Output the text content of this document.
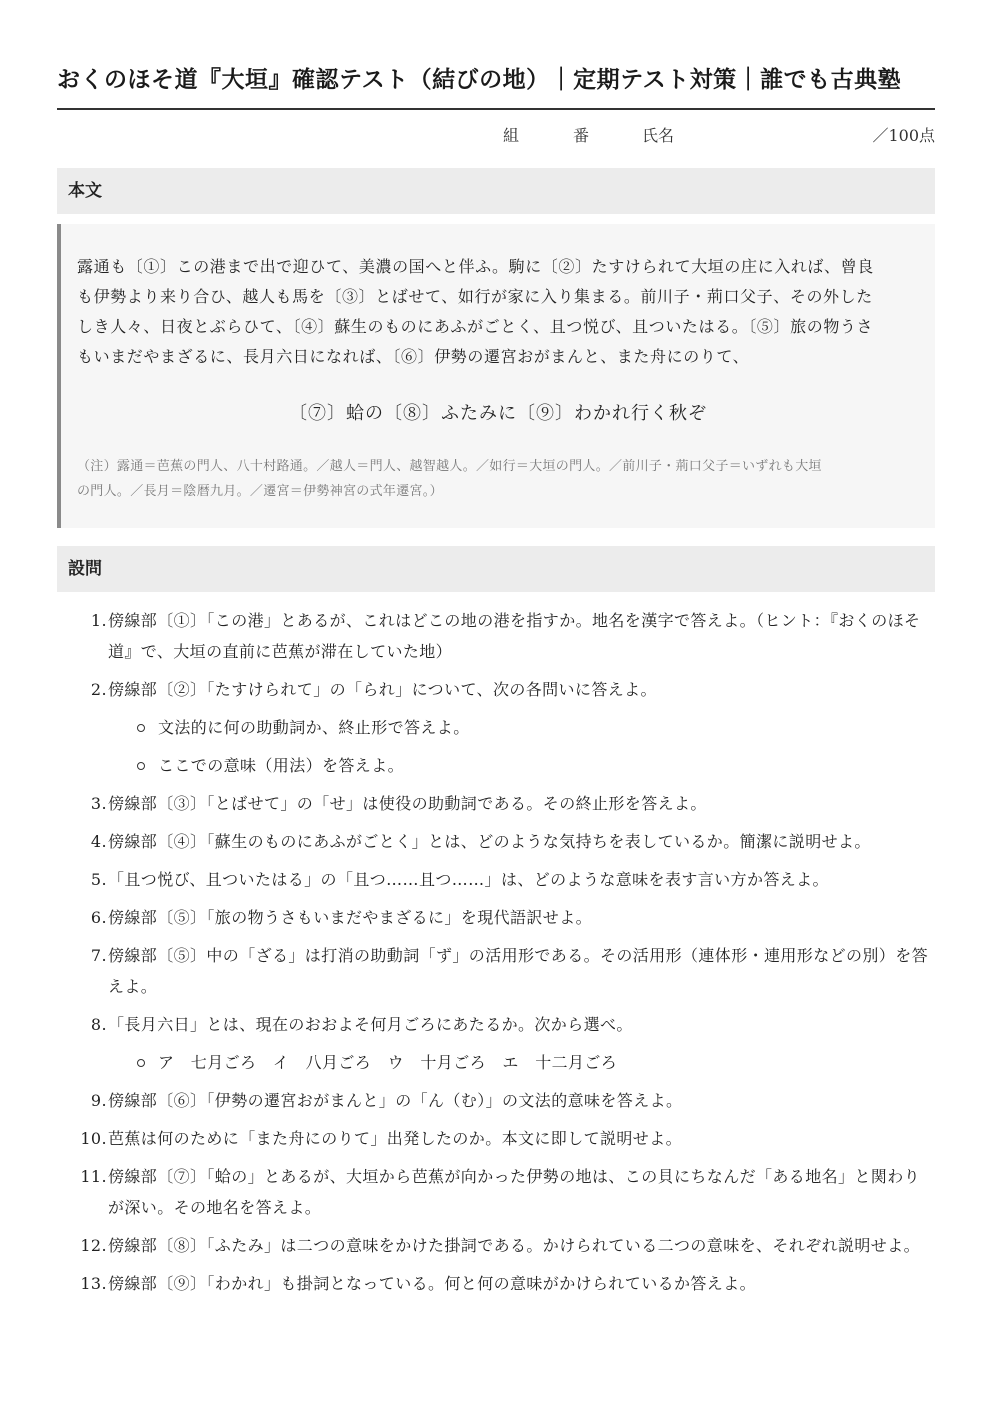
おくのほそ道『大垣』確認テスト（結びの地）｜定期テスト対策｜誰でも古典塾
組	番	氏名	／100点
本文
露通も〔①〕この港まで出で迎ひて、美濃の国へと伴ふ。駒に〔②〕たすけられて大垣の庄に入れば、曾良
も伊勢より来り合ひ、越人も馬を〔③〕とばせて、如行が家に入り集まる。前川子・荊口父子、その外した
しき人々、日夜とぶらひて、〔④〕蘇生のものにあふがごとく、且つ悦び、且ついたはる。〔⑤〕旅の物うさ
もいまだやまざるに、長月六日になれば、〔⑥〕伊勢の遷宮おがまんと、また舟にのりて、
〔⑦〕蛤の〔⑧〕ふたみに〔⑨〕わかれ行く秋ぞ
（注）露通＝芭蕉の門人、八十村路通。／越人＝門人、越智越人。／如行＝大垣の門人。／前川子・荊口父子＝いずれも大垣
の門人。／長月＝陰暦九月。／遷宮＝伊勢神宮の式年遷宮。）
設問
1. 傍線部〔①〕「この港」とあるが、これはどこの地の港を指すか。地名を漢字で答えよ。（ヒント：『おくのほそ道』で、大垣の直前に芭蕉が滞在していた地）
2. 傍線部〔②〕「たすけられて」の「られ」について、次の各問いに答えよ。
文法的に何の助動詞か、終止形で答えよ。
ここでの意味（用法）を答えよ。
3. 傍線部〔③〕「とばせて」の「せ」は使役の助動詞である。その終止形を答えよ。
4. 傍線部〔④〕「蘇生のものにあふがごとく」とは、どのような気持ちを表しているか。簡潔に説明せよ。
5. 「且つ悦び、且ついたはる」の「且つ……且つ……」は、どのような意味を表す言い方か答えよ。
6. 傍線部〔⑤〕「旅の物うさもいまだやまざるに」を現代語訳せよ。
7. 傍線部〔⑤〕中の「ざる」は打消の助動詞「ず」の活用形である。その活用形（連体形・連用形などの別）を答えよ。
8. 「長月六日」とは、現在のおおよそ何月ごろにあたるか。次から選べ。
ア　七月ごろ　イ　八月ごろ　ウ　十月ごろ　エ　十二月ごろ
9. 傍線部〔⑥〕「伊勢の遷宮おがまんと」の「ん（む）」の文法的意味を答えよ。
10. 芭蕉は何のために「また舟にのりて」出発したのか。本文に即して説明せよ。
11. 傍線部〔⑦〕「蛤の」とあるが、大垣から芭蕉が向かった伊勢の地は、この貝にちなんだ「ある地名」と関わりが深い。その地名を答えよ。
12. 傍線部〔⑧〕「ふたみ」は二つの意味をかけた掛詞である。かけられている二つの意味を、それぞれ説明せよ。
13. 傍線部〔⑨〕「わかれ」も掛詞となっている。何と何の意味がかけられているか答えよ。
